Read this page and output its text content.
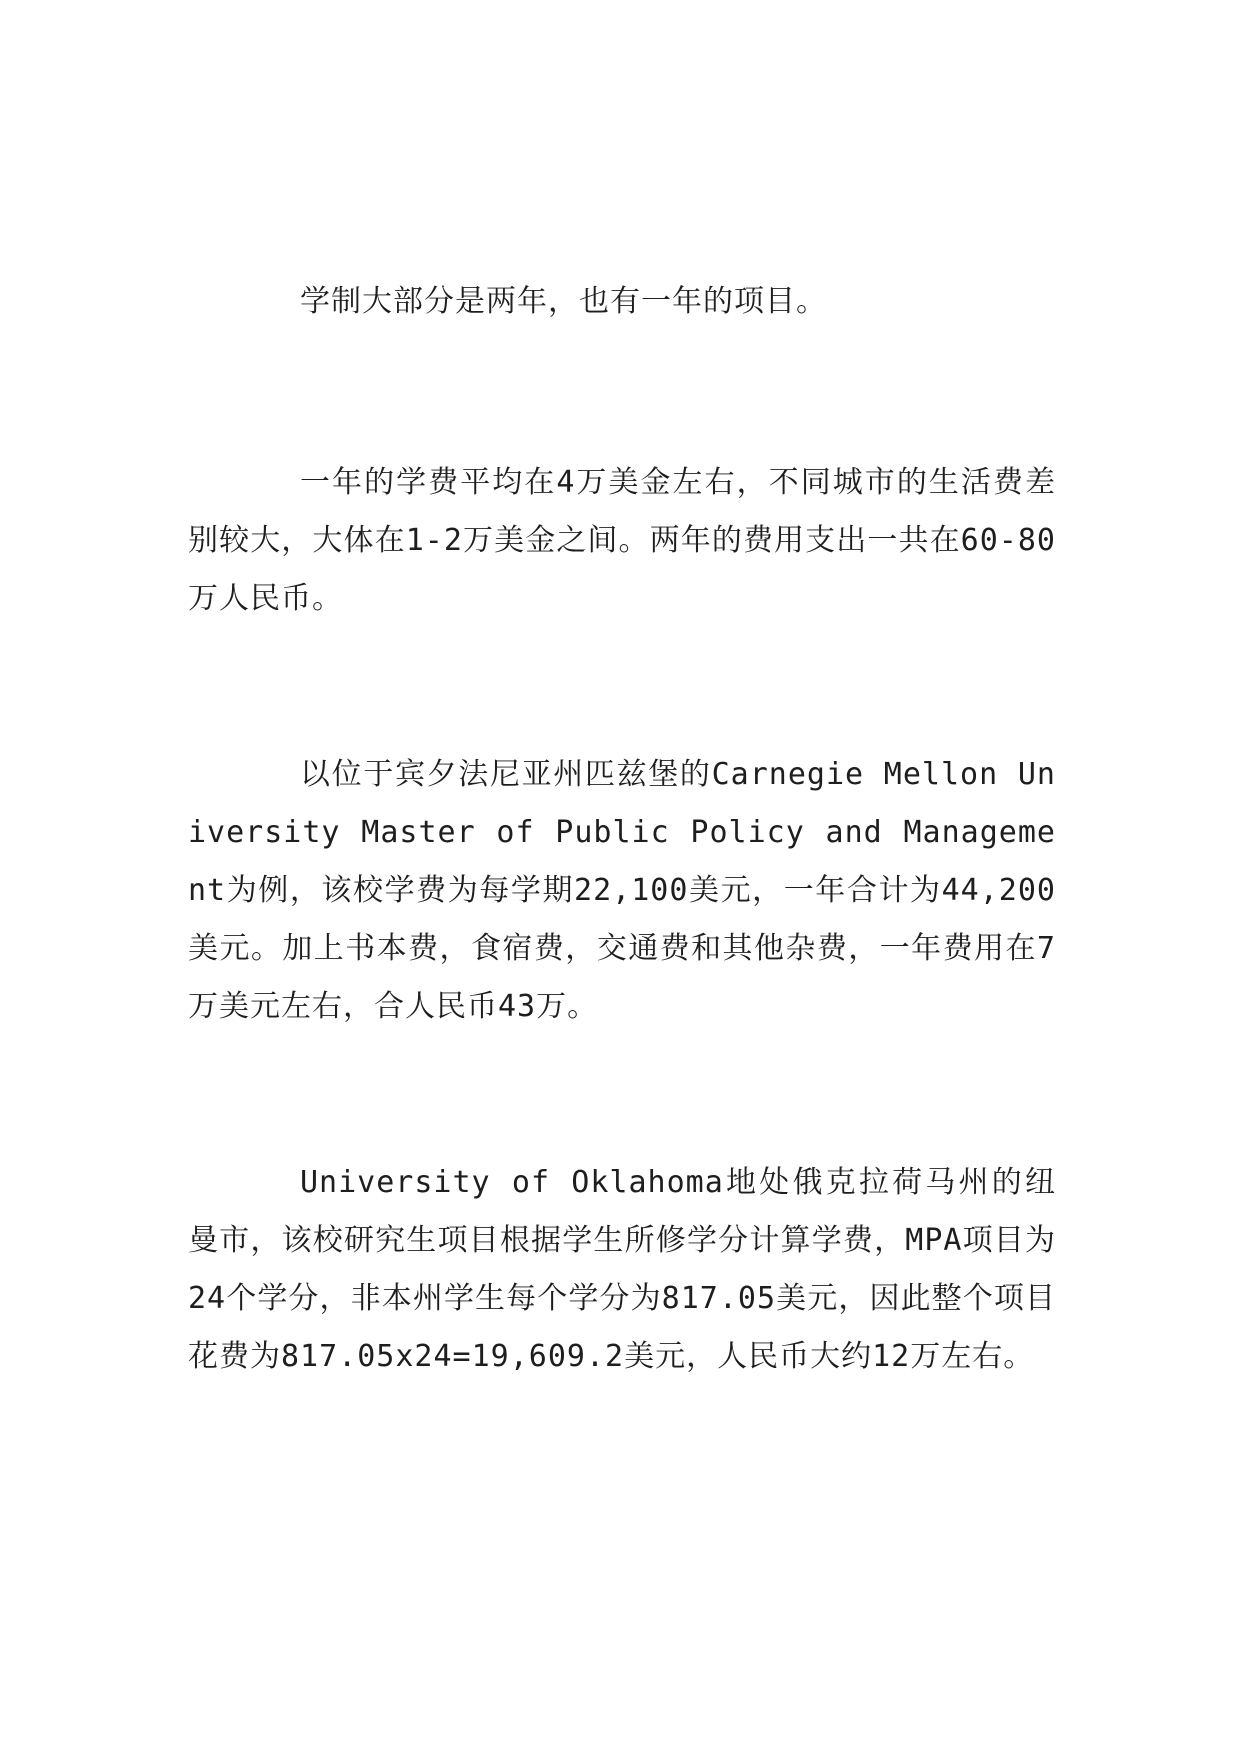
学制大部分是两年，也有一年的项目。

一年的学费平均在4万美金左右，不同城市的生活费差别较大，大体在1-2万美金之间。两年的费用支出一共在60-80万人民币。

以位于宾夕法尼亚州匹兹堡的Carnegie Mellon University Master of Public Policy and Management为例，该校学费为每学期22,100美元，一年合计为44,200美元。加上书本费，食宿费，交通费和其他杂费，一年费用在7万美元左右，合人民币43万。

University of Oklahoma地处俄克拉荷马州的纽曼市，该校研究生项目根据学生所修学分计算学费，MPA项目为24个学分，非本州学生每个学分为817.05美元，因此整个项目花费为817.05x24=19,609.2美元，人民币大约12万左右。
